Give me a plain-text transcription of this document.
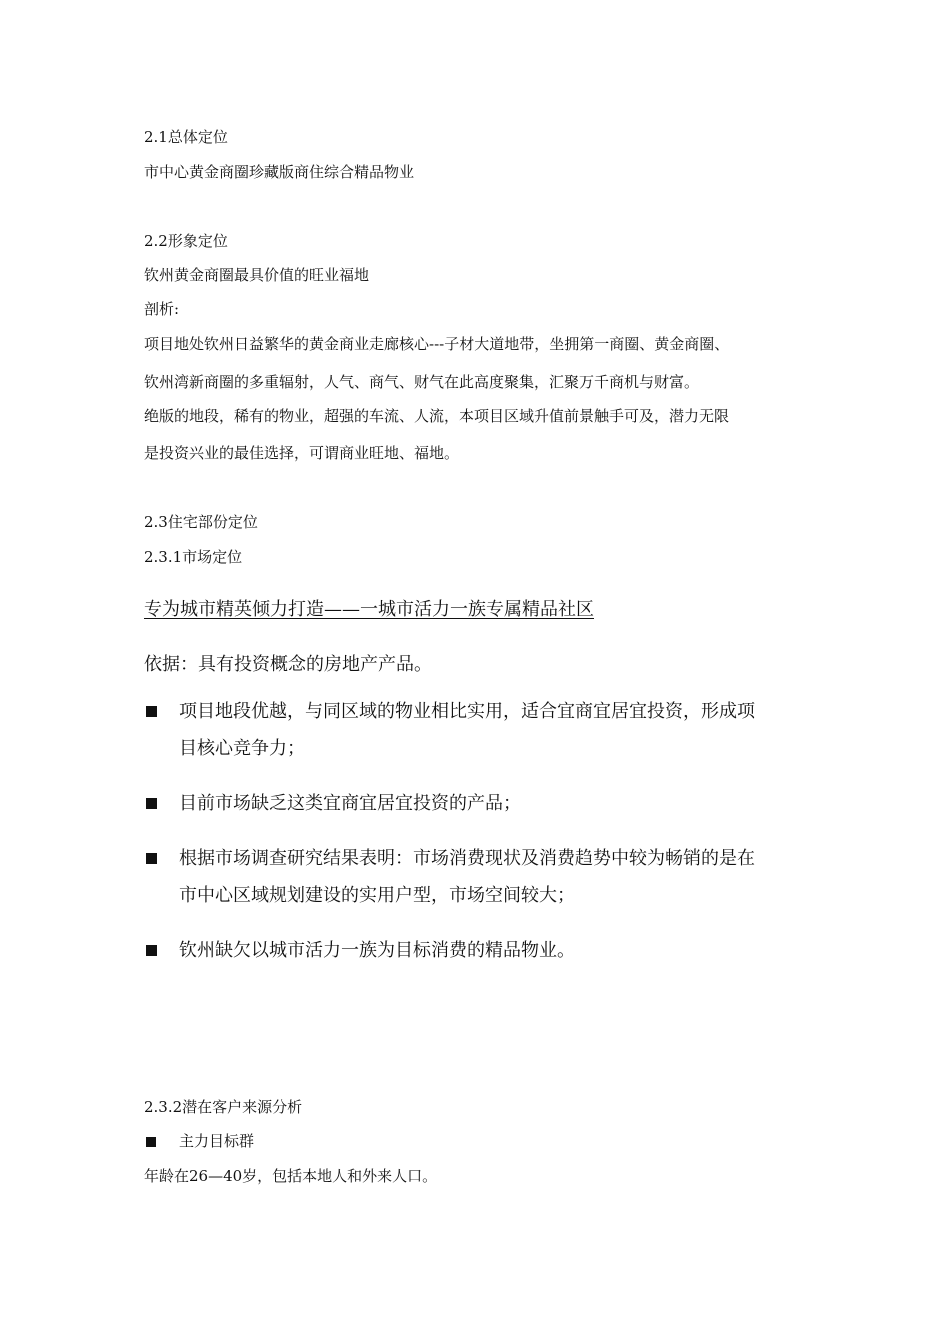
2.1总体定位
市中心黄金商圈珍藏版商住综合精品物业
2.2形象定位
钦州黄金商圈最具价值的旺业福地
剖析:
项目地处钦州日益繁华的黄金商业走廊核心---子材大道地带，坐拥第一商圈、黄金商圈、
钦州湾新商圈的多重辐射，人气、商气、财气在此高度聚集，汇聚万千商机与财富。
绝版的地段，稀有的物业，超强的车流、人流，本项目区域升值前景触手可及，潜力无限
是投资兴业的最佳选择，可谓商业旺地、福地。
2.3住宅部份定位
2.3.1市场定位
专为城市精英倾力打造——一城市活力一族专属精品社区
依据：具有投资概念的房地产产品。
项目地段优越，与同区域的物业相比实用，适合宜商宜居宜投资，形成项
目核心竞争力；
目前市场缺乏这类宜商宜居宜投资的产品；
根据市场调查研究结果表明：市场消费现状及消费趋势中较为畅销的是在
市中心区域规划建设的实用户型，市场空间较大；
钦州缺欠以城市活力一族为目标消费的精品物业。
2.3.2潜在客户来源分析
主力目标群
年龄在26—40岁，包括本地人和外来人口。
